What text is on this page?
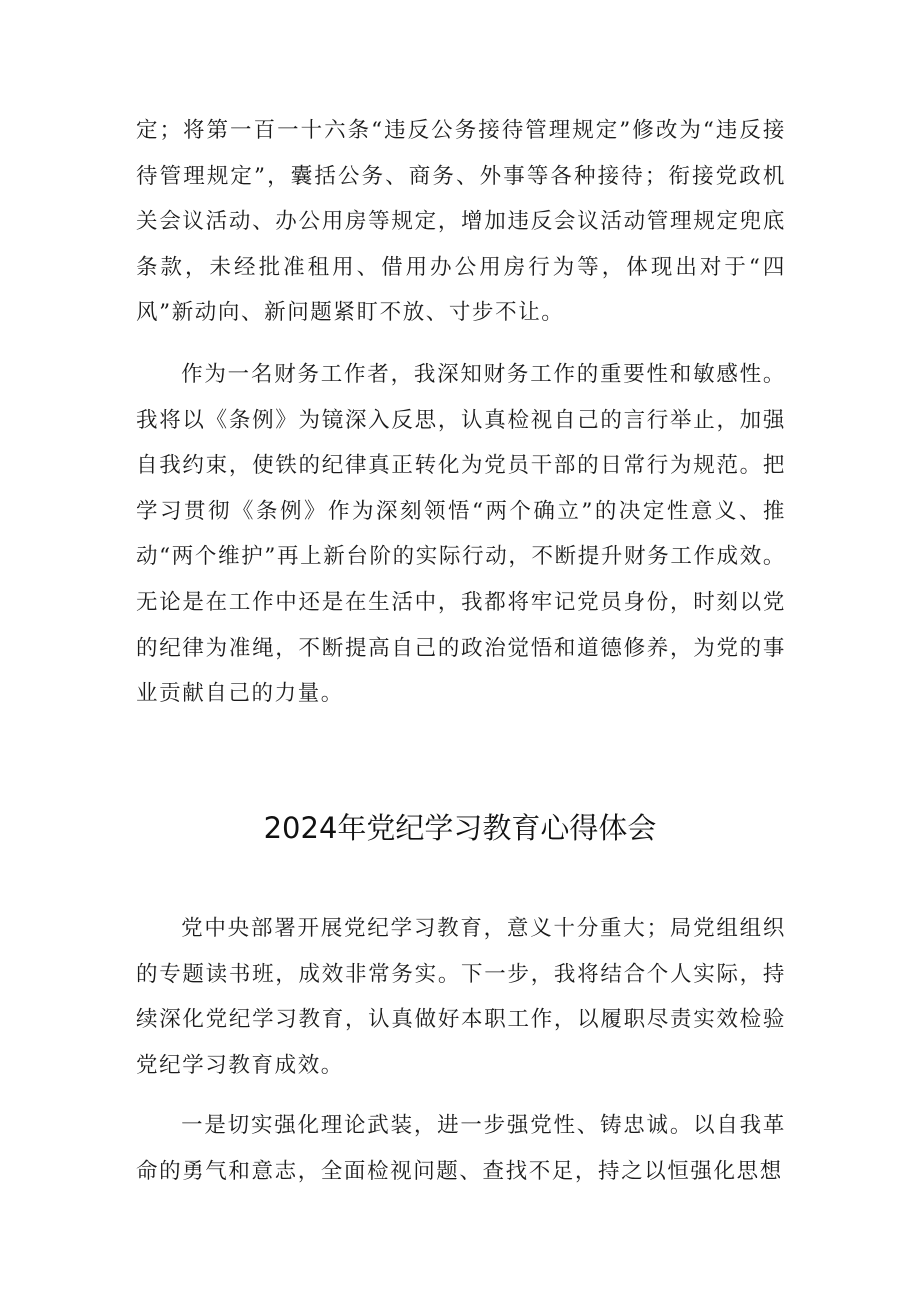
定；将第一百一十六条“违反公务接待管理规定”修改为“违反接待管理规定”，囊括公务、商务、外事等各种接待；衔接党政机关会议活动、办公用房等规定，增加违反会议活动管理规定兜底条款，未经批准租用、借用办公用房行为等，体现出对于“四风”新动向、新问题紧盯不放、寸步不让。

作为一名财务工作者，我深知财务工作的重要性和敏感性。我将以《条例》为镜深入反思，认真检视自己的言行举止，加强自我约束，使铁的纪律真正转化为党员干部的日常行为规范。把学习贯彻《条例》作为深刻领悟“两个确立”的决定性意义、推动“两个维护”再上新台阶的实际行动，不断提升财务工作成效。无论是在工作中还是在生活中，我都将牢记党员身份，时刻以党的纪律为准绳，不断提高自己的政治觉悟和道德修养，为党的事业贡献自己的力量。

2024年党纪学习教育心得体会

党中央部署开展党纪学习教育，意义十分重大；局党组组织的专题读书班，成效非常务实。下一步，我将结合个人实际，持续深化党纪学习教育，认真做好本职工作，以履职尽责实效检验党纪学习教育成效。

一是切实强化理论武装，进一步强党性、铸忠诚。以自我革命的勇气和意志，全面检视问题、查找不足，持之以恒强化思想
